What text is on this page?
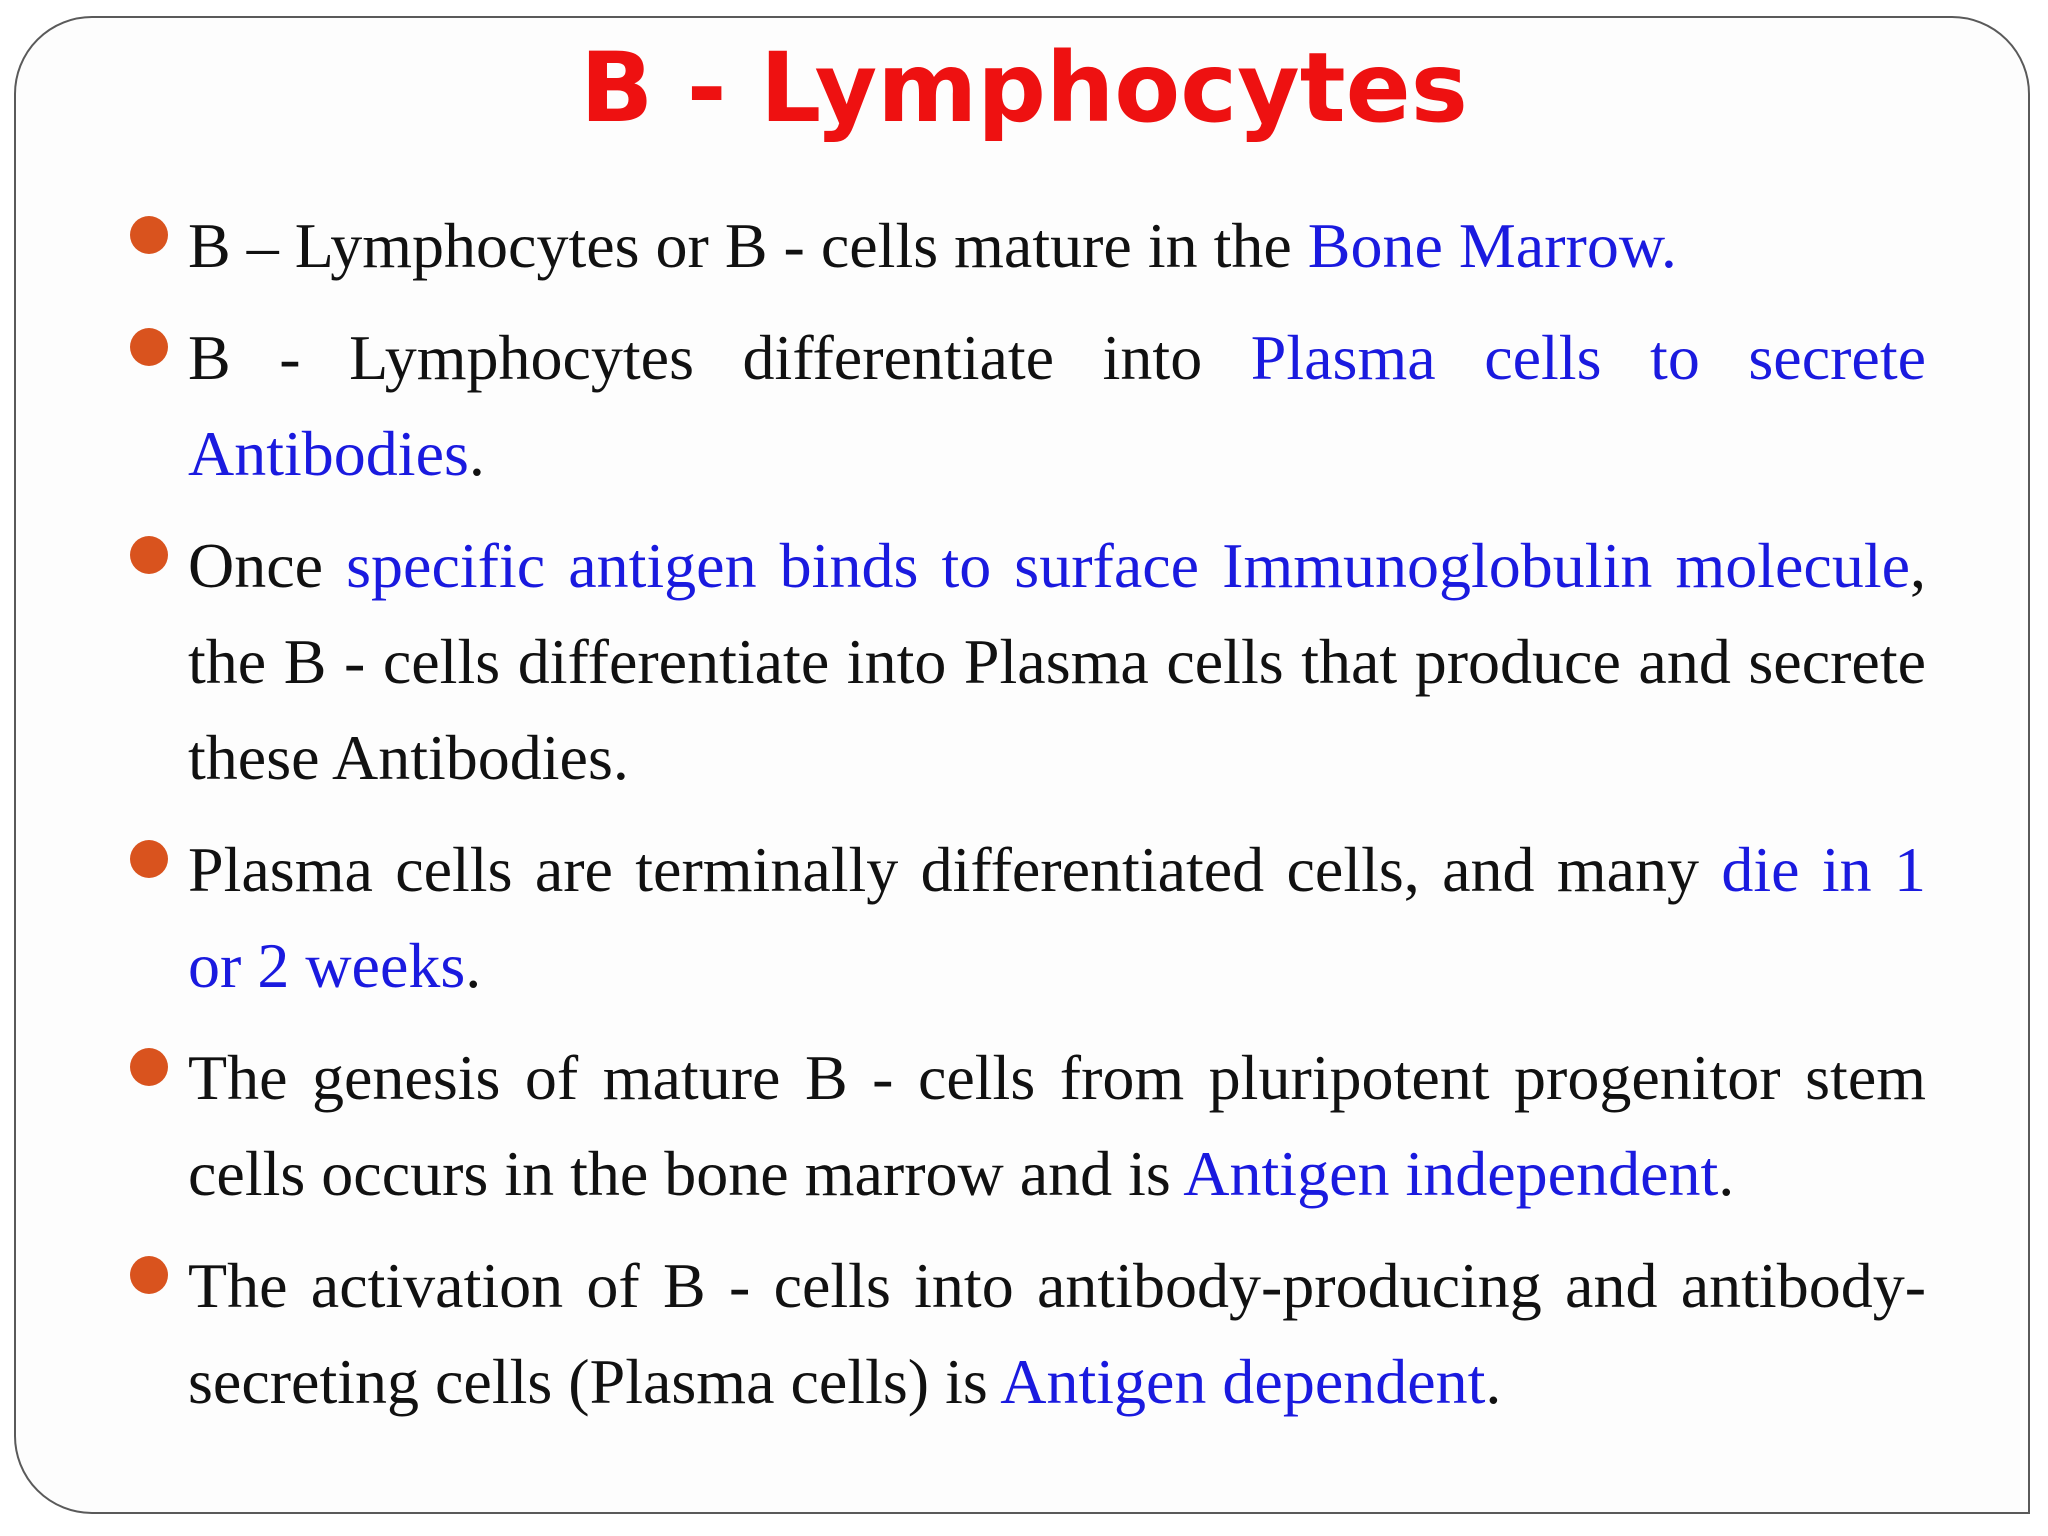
B - Lymphocytes
B – Lymphocytes or B - cells mature in the Bone Marrow.
B - Lymphocytes differentiate into Plasma cells to secrete Antibodies.
Once specific antigen binds to surface Immunoglobulin molecule, the B - cells differentiate into Plasma cells that produce and secrete these Antibodies.
Plasma cells are terminally differentiated cells, and many die in 1 or 2 weeks.
The genesis of mature B - cells from pluripotent progenitor stem cells occurs in the bone marrow and is Antigen independent.
The activation of B - cells into antibody-producing and antibody-secreting cells (Plasma cells) is Antigen dependent.
